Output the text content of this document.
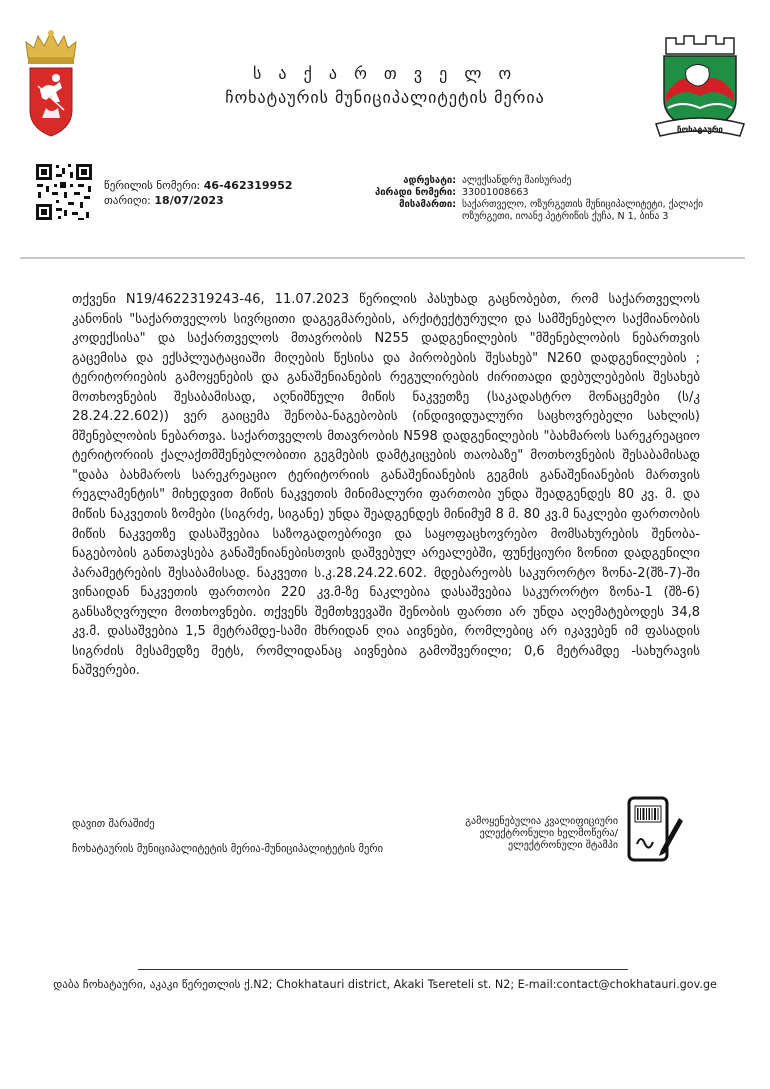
ს ა ქ ა რ თ ვ ე ლ ო
ჩოხატაურის მუნიციპალიტეტის მერია
ჩოხატაური
წერილის ნომერი: 46-462319952
თარიღი: 18/07/2023
ადრესატი: ალექსანდრე მაისურაძე
პირადი ნომერი: 33001008663
მისამართი: საქართველო, ოზურგეთის მუნიციპალიტეტი, ქალაქი ოზურგეთი, იოანე პეტრიწის ქუჩა, N 1, ბინა 3
თქვენი N19/4622319243-46, 11.07.2023 წერილის პასუხად გაცნობებთ, რომ საქართველოს კანონის "საქართველოს სივრცითი დაგეგმარების, არქიტექტურული და სამშენებლო საქმიანობის კოდექსისა" და საქართველოს მთავრობის N255 დადგენილების "მშენებლობის ნებართვის გაცემისა და ექსპლუატაციაში მიღების წესისა და პირობების შესახებ" N260 დადგენილების ; ტერიტორიების გამოყენების და განაშენიანების რეგულირების ძირითადი დებულებების შესახებ მოთხოვნების შესაბამისად, აღნიშნული მიწის ნაკვეთზე (საკადასტრო მონაცემები (ს/კ 28.24.22.602)) ვერ გაიცემა შენობა-ნაგებობის (ინდივიდუალური საცხოვრებელი სახლის) მშენებლობის ნებართვა. საქართველოს მთავრობის N598 დადგენილების "ბახმაროს სარეკრეაციო ტერიტორიის ქალაქთმშენებლობითი გეგმების დამტკიცების თაობაზე" მოთხოვნების შესაბამისად "დაბა ბახმაროს სარეკრეაციო ტერიტორიის განაშენიანების გეგმის განაშენიანების მართვის რეგლამენტის" მიხედვით მიწის ნაკვეთის მინიმალური ფართობი უნდა შეადგენდეს 80 კვ. მ. და მიწის ნაკვეთის ზომები (სიგრძე, სიგანე) უნდა შეადგენდეს მინიმუმ 8 მ. 80 კვ.მ ნაკლები ფართობის მიწის ნაკვეთზე დასაშვებია საზოგადოებრივი და საყოფაცხოვრებო მომსახურების შენობა-ნაგებობის განთავსება განაშენიანებისთვის დაშვებულ არეალებში, ფუნქციური ზონით დადგენილი პარამეტრების შესაბამისად. ნაკვეთი ს.კ.28.24.22.602. მდებარეობს საკურორტო ზონა-2(შზ-7)-ში ვინაიდან ნაკვეთის ფართობი 220 კვ.მ-ზე ნაკლებია დასაშვებია საკურორტო ზონა-1 (შზ-6) განსაზღვრული მოთხოვნები. თქვენს შემთხვევაში შენობის ფართი არ უნდა აღემატებოდეს 34,8 კვ.მ. დასაშვებია 1,5 მეტრამდე-სამი მხრიდან ღია აივნები, რომლებიც არ იკავებენ იმ ფასადის სიგრძის მესამედზე მეტს, რომლიდანაც აივნებია გამოშვერილი; 0,6 მეტრამდე -სახურავის ნაშვერები.
დავით შარაშიძე
ჩოხატაურის მუნიციპალიტეტის მერია-მუნიციპალიტეტის მერი
გამოყენებულია კვალიფიციური
ელექტრონული ხელმოწერა/
ელექტრონული შტამპი
დაბა ჩოხატაური, აკაკი წერეთლის ქ.N2; Chokhatauri district, Akaki Tsereteli st. N2; E-mail:contact@chokhatauri.gov.ge
